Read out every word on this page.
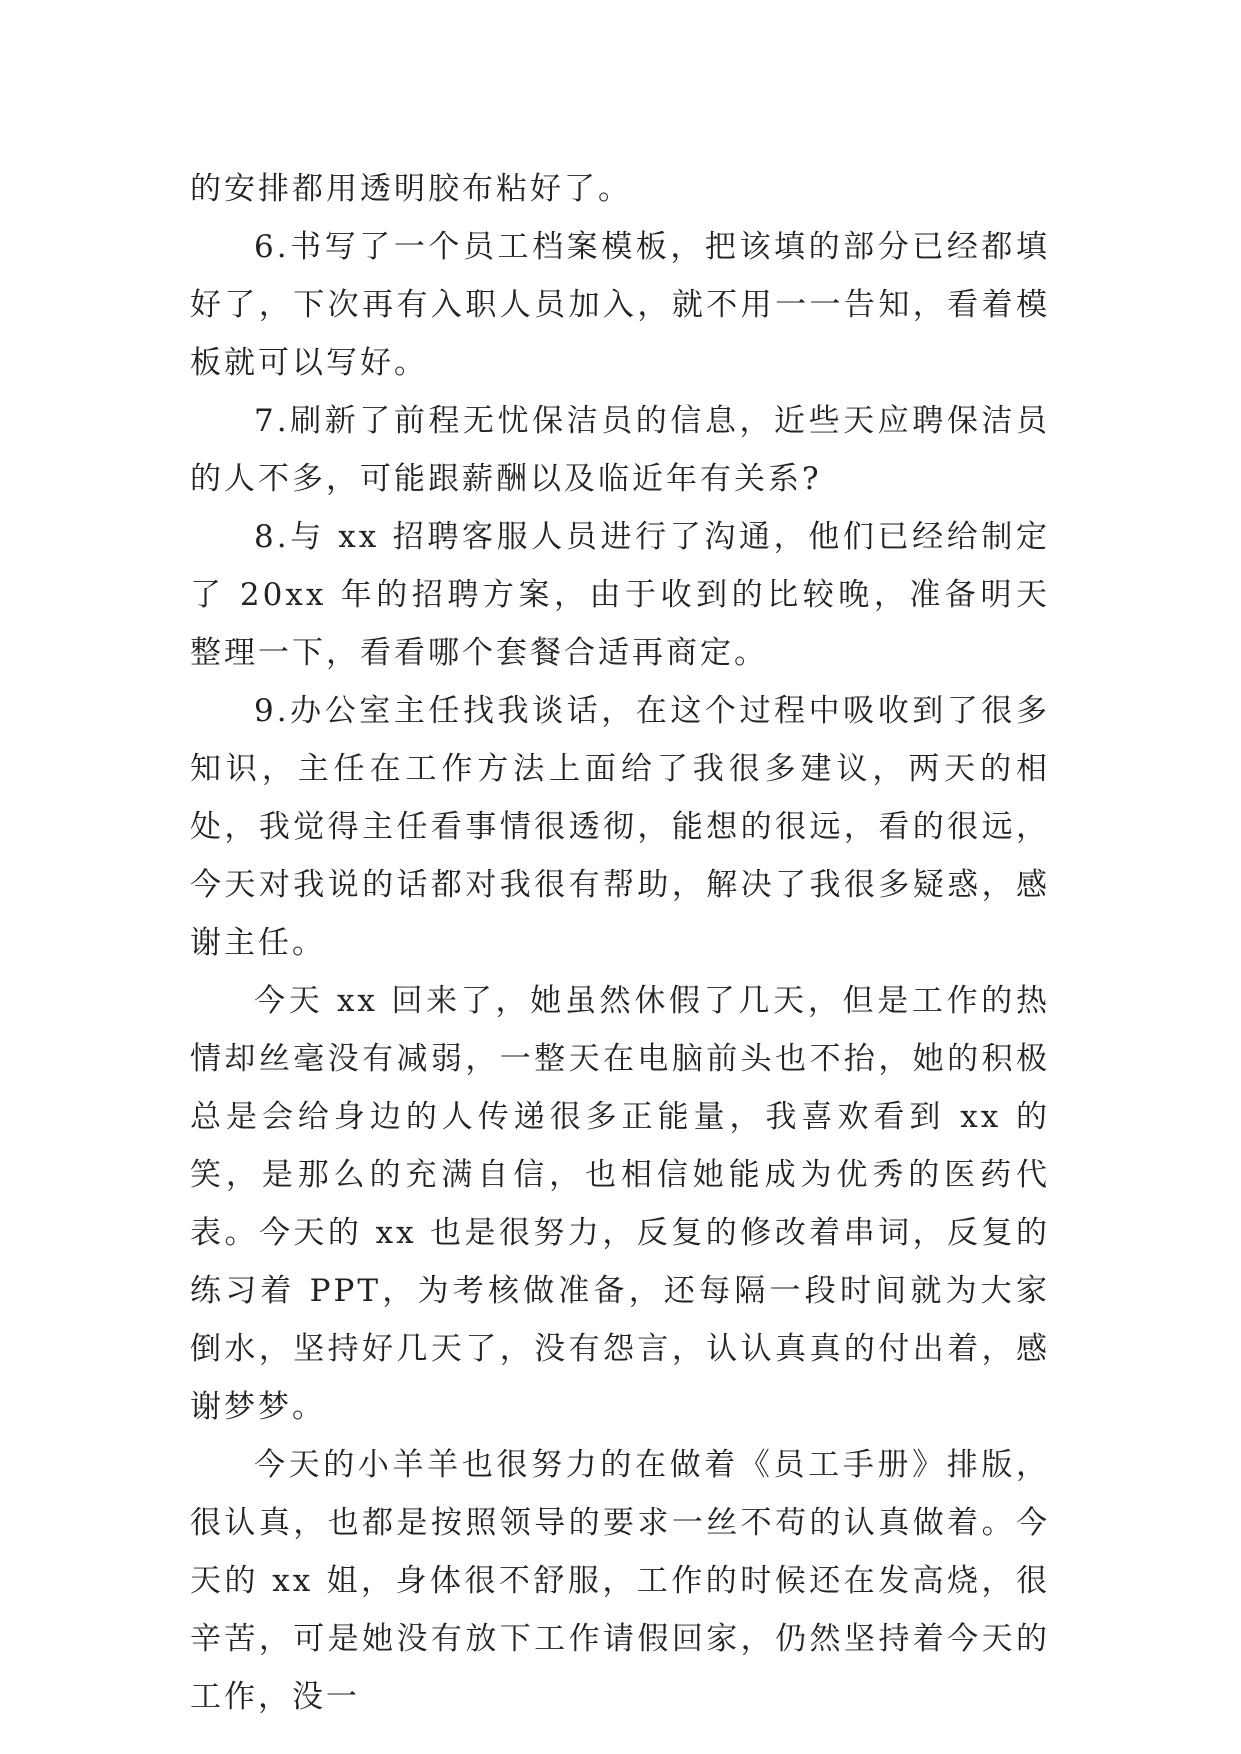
的安排都用透明胶布粘好了。

6.书写了一个员工档案模板，把该填的部分已经都填好了，下次再有入职人员加入，就不用一一告知，看着模板就可以写好。

7.刷新了前程无忧保洁员的信息，近些天应聘保洁员的人不多，可能跟薪酬以及临近年有关系?

8.与 xx 招聘客服人员进行了沟通，他们已经给制定了 20xx 年的招聘方案，由于收到的比较晚，准备明天整理一下，看看哪个套餐合适再商定。

9.办公室主任找我谈话，在这个过程中吸收到了很多知识，主任在工作方法上面给了我很多建议，两天的相处，我觉得主任看事情很透彻，能想的很远，看的很远，今天对我说的话都对我很有帮助，解决了我很多疑惑，感谢主任。

今天 xx 回来了，她虽然休假了几天，但是工作的热情却丝毫没有减弱，一整天在电脑前头也不抬，她的积极总是会给身边的人传递很多正能量，我喜欢看到 xx 的笑，是那么的充满自信，也相信她能成为优秀的医药代表。今天的 xx 也是很努力，反复的修改着串词，反复的练习着 PPT，为考核做准备，还每隔一段时间就为大家倒水，坚持好几天了，没有怨言，认认真真的付出着，感谢梦梦。

今天的小羊羊也很努力的在做着《员工手册》排版，很认真，也都是按照领导的要求一丝不苟的认真做着。今天的 xx 姐，身体很不舒服，工作的时候还在发高烧，很辛苦，可是她没有放下工作请假回家，仍然坚持着今天的工作，没一
